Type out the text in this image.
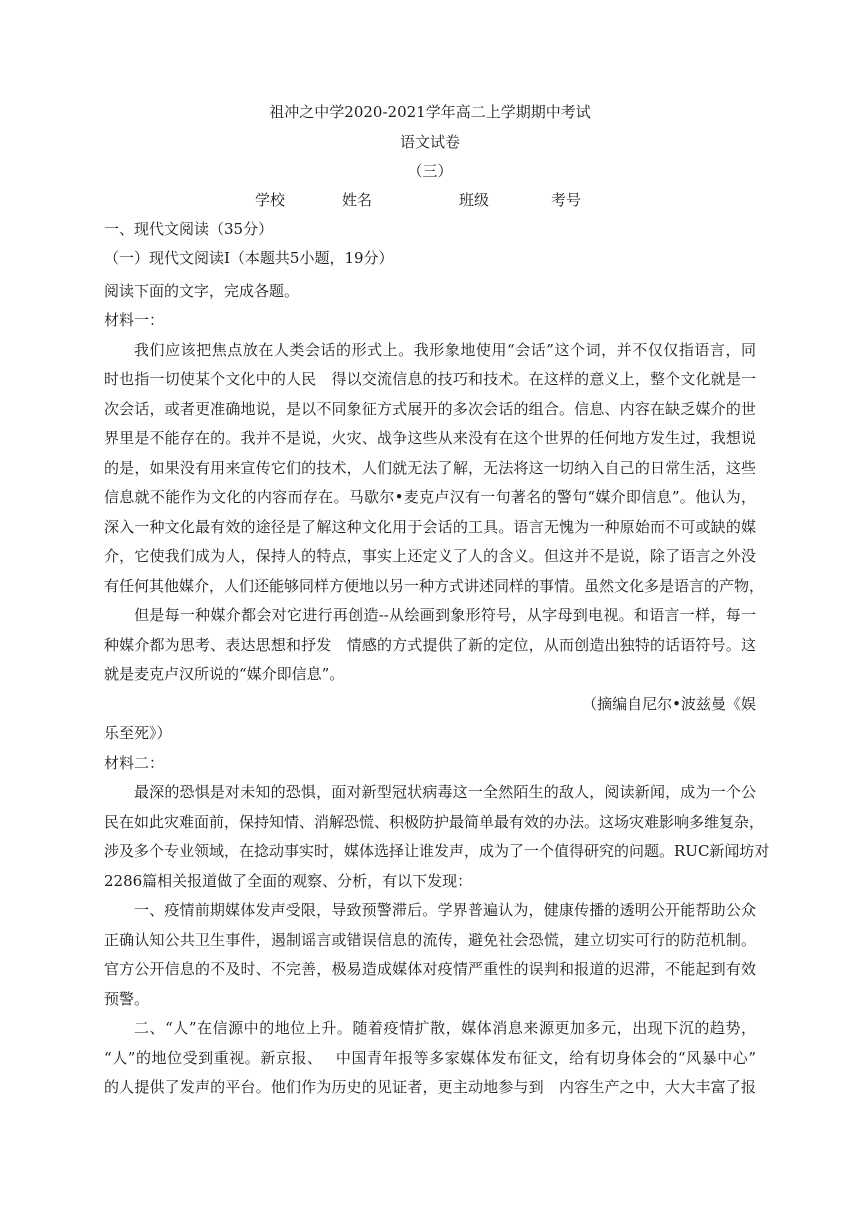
祖冲之中学2020-2021学年高二上学期期中考试
语文试卷
（三）
学校	姓名	班级	考号
一、现代文阅读（35分）
（一）现代文阅读Ⅰ（本题共5小题，19分）
阅读下面的文字，完成各题。
材料一：
我们应该把焦点放在人类会话的形式上。我形象地使用“会话”这个词，并不仅仅指语言，同
时也指一切使某个文化中的人民　得以交流信息的技巧和技术。在这样的意义上，整个文化就是一
次会话，或者更准确地说，是以不同象征方式展开的多次会话的组合。信息、内容在缺乏媒介的世
界里是不能存在的。我并不是说，火灾、战争这些从来没有在这个世界的任何地方发生过，我想说
的是，如果没有用来宣传它们的技术，人们就无法了解，无法将这一切纳入自己的日常生活，这些
信息就不能作为文化的内容而存在。马歇尔•麦克卢汉有一句著名的警句“媒介即信息”。他认为，
深入一种文化最有效的途径是了解这种文化用于会话的工具。语言无愧为一种原始而不可或缺的媒
介，它使我们成为人，保持人的特点，事实上还定义了人的含义。但这并不是说，除了语言之外没
有任何其他媒介，人们还能够同样方便地以另一种方式讲述同样的事情。虽然文化多是语言的产物，
但是每一种媒介都会对它进行再创造--从绘画到象形符号，从字母到电视。和语言一样，每一
种媒介都为思考、表达思想和抒发　情感的方式提供了新的定位，从而创造出独特的话语符号。这
就是麦克卢汉所说的“媒介即信息”。
（摘编自尼尔•波兹曼《娱
乐至死》）
材料二：
最深的恐惧是对未知的恐惧，面对新型冠状病毒这一全然陌生的敌人，阅读新闻，成为一个公
民在如此灾难面前，保持知情、消解恐慌、积极防护最简单最有效的办法。这场灾难影响多维复杂，
涉及多个专业领域，在捻动事实时，媒体选择让谁发声，成为了一个值得研究的问题。RUC新闻坊对
2286篇相关报道做了全面的观察、分析，有以下发现：
一、疫情前期媒体发声受限，导致预警滞后。学界普遍认为，健康传播的透明公开能帮助公众
正确认知公共卫生事件，遏制谣言或错误信息的流传，避免社会恐慌，建立切实可行的防范机制。
官方公开信息的不及时、不完善，极易造成媒体对疫情严重性的误判和报道的迟滞，不能起到有效
预警。
二、“人”在信源中的地位上升。随着疫情扩散，媒体消息来源更加多元，出现下沉的趋势，
“人”的地位受到重视。新京报、　 中国青年报等多家媒体发布征文，给有切身体会的“风暴中心”
的人提供了发声的平台。他们作为历史的见证者，更主动地参与到　内容生产之中，大大丰富了报
